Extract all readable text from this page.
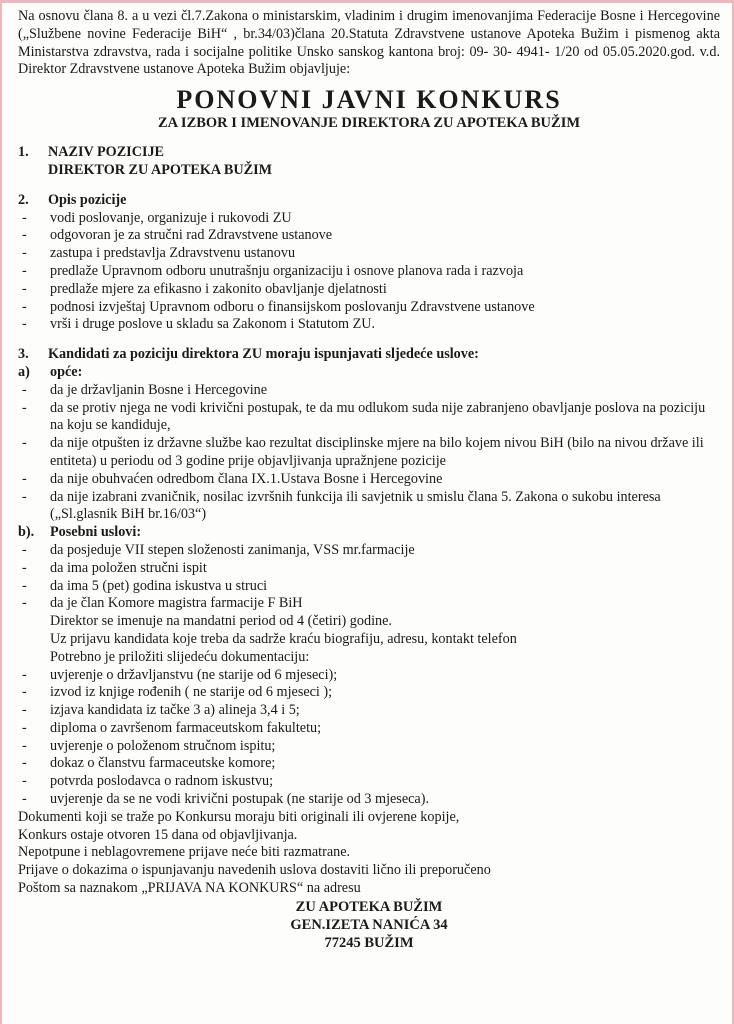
Na osnovu člana 8. a u vezi čl.7.Zakona o ministarskim, vladinim i drugim imenovanjima Federacije Bosne i Hercegovine („Službene novine Federacije BiH“ , br.34/03)člana 20.Statuta Zdravstvene ustanove Apoteka Bužim i pismenog akta Ministarstva zdravstva, rada i socijalne politike Unsko sanskog kantona broj: 09- 30- 4941- 1/20 od 05.05.2020.god. v.d. Direktor Zdravstvene ustanove Apoteka Bužim objavljuje:

PONOVNI JAVNI KONKURS
ZA IZBOR I IMENOVANJE DIREKTORA ZU APOTEKA BUŽIM
1.	NAZIV POZICIJE
DIREKTOR ZU APOTEKA BUŽIM
2.	Opis pozicije
-	vodi poslovanje, organizuje i rukovodi ZU
-	odgovoran je za stručni rad Zdravstvene ustanove
-	zastupa i predstavlja Zdravstvenu ustanovu
-	predlaže Upravnom odboru unutrašnju organizaciju i osnove planova rada i razvoja
-	predlaže mjere za efikasno i zakonito obavljanje djelatnosti
-	podnosi izvještaj Upravnom odboru o finansijskom poslovanju Zdravstvene ustanove
-	vrši i druge poslove u skladu sa Zakonom i Statutom ZU.
3.	Kandidati za poziciju direktora ZU moraju ispunjavati sljedeće uslove:
a)	opće:
-	da je državljanin Bosne i Hercegovine
-	da se protiv njega ne vodi krivični postupak, te da mu odlukom suda nije zabranjeno obavljanje poslova na poziciju na koju se kandiduje,
-	da nije otpušten iz državne službe kao rezultat disciplinske mjere na bilo kojem nivou BiH (bilo na nivou države ili entiteta) u periodu od 3 godine prije objavljivanja upražnjene pozicije
-	da nije obuhvaćen odredbom člana IX.1.Ustava Bosne i Hercegovine
-	da nije izabrani zvaničnik, nosilac izvršnih funkcija ili savjetnik u smislu člana 5. Zakona o sukobu interesa („Sl.glasnik BiH br.16/03“)
b).	Posebni uslovi:
-	da posjeduje VII stepen složenosti zanimanja, VSS mr.farmacije
-	da ima položen stručni ispit
-	da ima 5 (pet) godina iskustva u struci
-	da je član Komore magistra farmacije F BiH
Direktor se imenuje na mandatni period od 4 (četiri) godine.
Uz prijavu kandidata koje treba da sadrže kraću biografiju, adresu, kontakt telefon
Potrebno je priložiti slijedeću dokumentaciju:
-	uvjerenje o državljanstvu (ne starije od 6 mjeseci);
-	izvod iz knjige rođenih ( ne starije od 6 mjeseci );
-	izjava kandidata iz tačke 3 a) alineja 3,4 i 5;
-	diploma o završenom farmaceutskom fakultetu;
-	uvjerenje o položenom stručnom ispitu;
-	dokaz o članstvu farmaceutske komore;
-	potvrda poslodavca o radnom iskustvu;
-	uvjerenje da se ne vodi krivični postupak (ne starije od 3 mjeseca).
Dokumenti koji se traže po Konkursu moraju biti originali ili ovjerene kopije,
Konkurs ostaje otvoren 15 dana od objavljivanja.
Nepotpune i neblagovremene prijave neće biti razmatrane.
Prijave o dokazima o ispunjavanju navedenih uslova dostaviti lično ili preporučeno
Poštom sa naznakom „PRIJAVA NA KONKURS“ na adresu
ZU APOTEKA BUŽIM
GEN.IZETA NANIĆA 34
77245 BUŽIM
